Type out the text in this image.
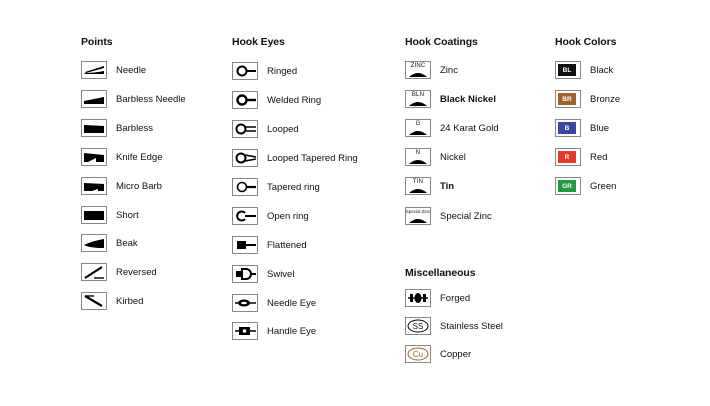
Points
Needle
Barbless Needle
Barbless
Knife Edge
Micro Barb
Short
Beak
Reversed
Kirbed
Hook Eyes
Ringed
Welded Ring
Looped
Looped Tapered Ring
Tapered ring
Open ring
Flattened
Swivel
Needle Eye
Handle Eye
Hook Coatings
ZINC Zinc
BLN Black Nickel
G 24 Karat Gold
N Nickel
TIN Tin
Special Zinc Special Zinc
Miscellaneous
Forged
SS Stainless Steel
Cu Copper
Hook Colors
BL	Black
BR	Bronze
B	Blue
R	Red
GR	Green
